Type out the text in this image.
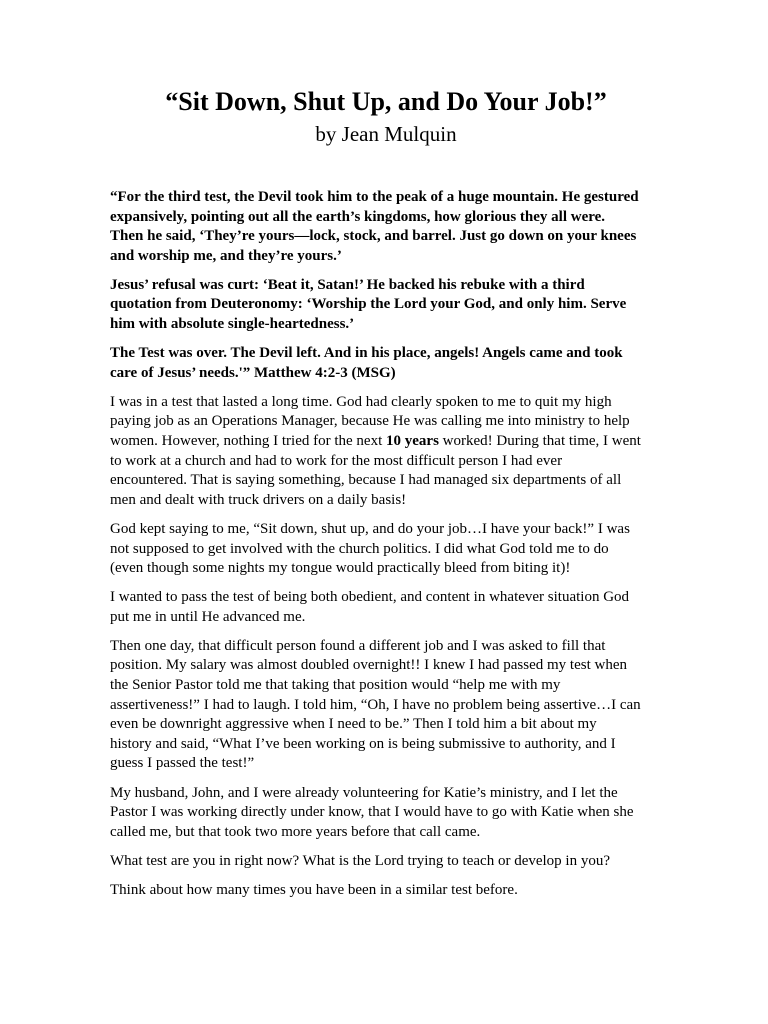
“Sit Down, Shut Up, and Do Your Job!”
by Jean Mulquin

“For the third test, the Devil took him to the peak of a huge mountain. He gestured
expansively, pointing out all the earth’s kingdoms, how glorious they all were.
Then he said, ‘They’re yours—lock, stock, and barrel. Just go down on your knees
and worship me, and they’re yours.’

Jesus’ refusal was curt: ‘Beat it, Satan!’ He backed his rebuke with a third
quotation from Deuteronomy: ‘Worship the Lord your God, and only him. Serve
him with absolute single-heartedness.’

The Test was over. The Devil left. And in his place, angels! Angels came and took
care of Jesus’ needs.'” Matthew 4:2-3 (MSG)

I was in a test that lasted a long time. God had clearly spoken to me to quit my high
paying job as an Operations Manager, because He was calling me into ministry to help
women. However, nothing I tried for the next 10 years worked! During that time, I went
to work at a church and had to work for the most difficult person I had ever
encountered. That is saying something, because I had managed six departments of all
men and dealt with truck drivers on a daily basis!

God kept saying to me, “Sit down, shut up, and do your job…I have your back!” I was
not supposed to get involved with the church politics. I did what God told me to do
(even though some nights my tongue would practically bleed from biting it)!

I wanted to pass the test of being both obedient, and content in whatever situation God
put me in until He advanced me.

Then one day, that difficult person found a different job and I was asked to fill that
position. My salary was almost doubled overnight!! I knew I had passed my test when
the Senior Pastor told me that taking that position would “help me with my
assertiveness!” I had to laugh. I told him, “Oh, I have no problem being assertive…I can
even be downright aggressive when I need to be.” Then I told him a bit about my
history and said, “What I’ve been working on is being submissive to authority, and I
guess I passed the test!”

My husband, John, and I were already volunteering for Katie’s ministry, and I let the
Pastor I was working directly under know, that I would have to go with Katie when she
called me, but that took two more years before that call came.

What test are you in right now? What is the Lord trying to teach or develop in you?

Think about how many times you have been in a similar test before.
